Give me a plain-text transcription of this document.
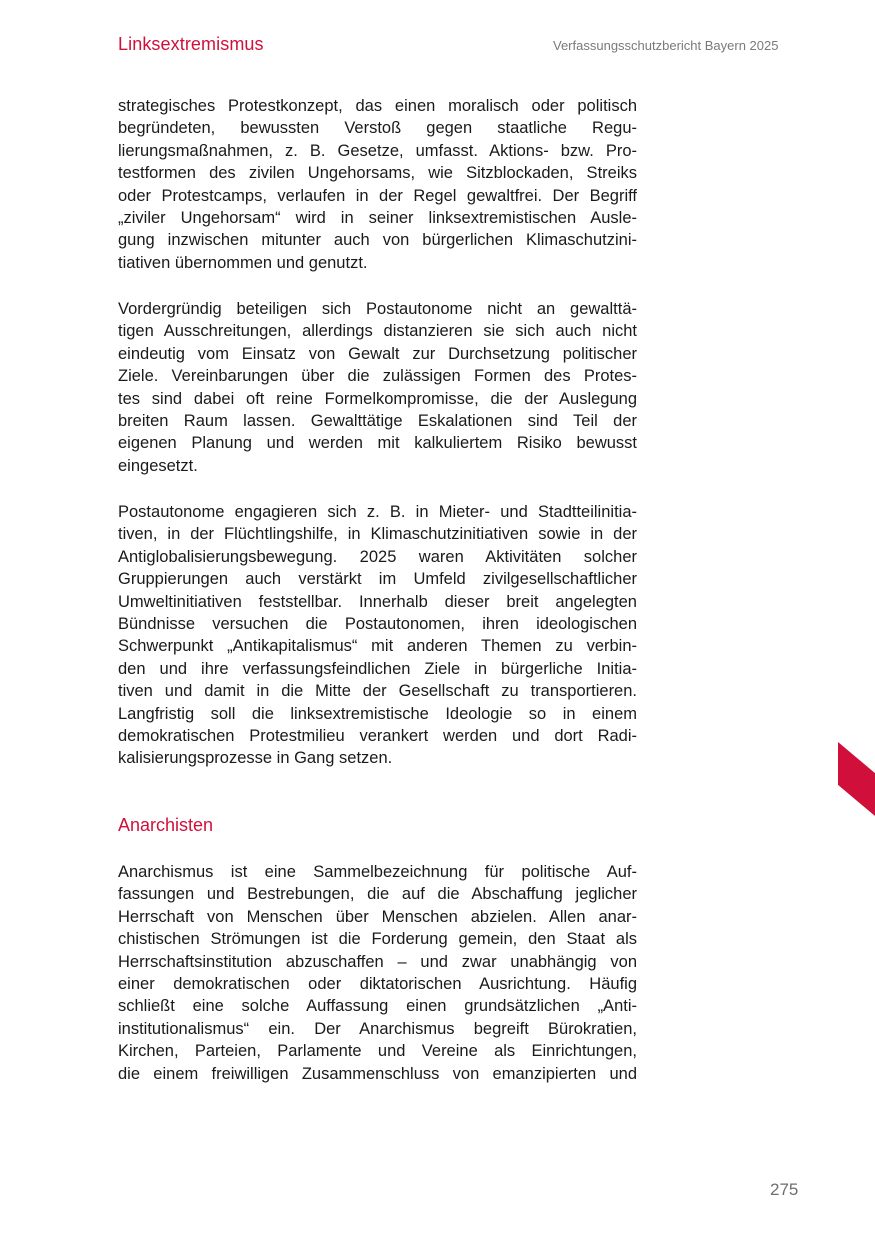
Linksextremismus	Verfassungsschutzbericht Bayern 2025
strategisches Protestkonzept, das einen moralisch oder politisch
begründeten, bewussten Verstoß gegen staatliche Regu-
lierungsmaßnahmen, z. B. Gesetze, umfasst. Aktions- bzw. Pro-
testformen des zivilen Ungehorsams, wie Sitzblockaden, Streiks
oder Protestcamps, verlaufen in der Regel gewaltfrei. Der Begriff
„ziviler Ungehorsam“ wird in seiner linksextremistischen Ausle-
gung inzwischen mitunter auch von bürgerlichen Klimaschutzini-
tiativen übernommen und genutzt.
Vordergründig beteiligen sich Postautonome nicht an gewalttä-
tigen Ausschreitungen, allerdings distanzieren sie sich auch nicht
eindeutig vom Einsatz von Gewalt zur Durchsetzung politischer
Ziele. Vereinbarungen über die zulässigen Formen des Protes-
tes sind dabei oft reine Formelkompromisse, die der Auslegung
breiten Raum lassen. Gewalttätige Eskalationen sind Teil der
eigenen Planung und werden mit kalkuliertem Risiko bewusst
eingesetzt.
Postautonome engagieren sich z. B. in Mieter- und Stadtteilinitia-
tiven, in der Flüchtlingshilfe, in Klimaschutzinitiativen sowie in der
Antiglobalisierungsbewegung. 2025 waren Aktivitäten solcher
Gruppierungen auch verstärkt im Umfeld zivilgesellschaftlicher
Umweltinitiativen feststellbar. Innerhalb dieser breit angelegten
Bündnisse versuchen die Postautonomen, ihren ideologischen
Schwerpunkt „Antikapitalismus“ mit anderen Themen zu verbin-
den und ihre verfassungsfeindlichen Ziele in bürgerliche Initia-
tiven und damit in die Mitte der Gesellschaft zu transportieren.
Langfristig soll die linksextremistische Ideologie so in einem
demokratischen Protestmilieu verankert werden und dort Radi-
kalisierungsprozesse in Gang setzen.
Anarchismus ist eine Sammelbezeichnung für politische Auf-
fassungen und Bestrebungen, die auf die Abschaffung jeglicher
Herrschaft von Menschen über Menschen abzielen. Allen anar-
chistischen Strömungen ist die Forderung gemein, den Staat als
Herrschaftsinstitution abzuschaffen – und zwar unabhängig von
einer demokratischen oder diktatorischen Ausrichtung. Häufig
schließt eine solche Auffassung einen grundsätzlichen „Anti-
institutionalismus“ ein. Der Anarchismus begreift Bürokratien,
Kirchen, Parteien, Parlamente und Vereine als Einrichtungen,
die einem freiwilligen Zusammenschluss von emanzipierten und
Anarchisten
275
